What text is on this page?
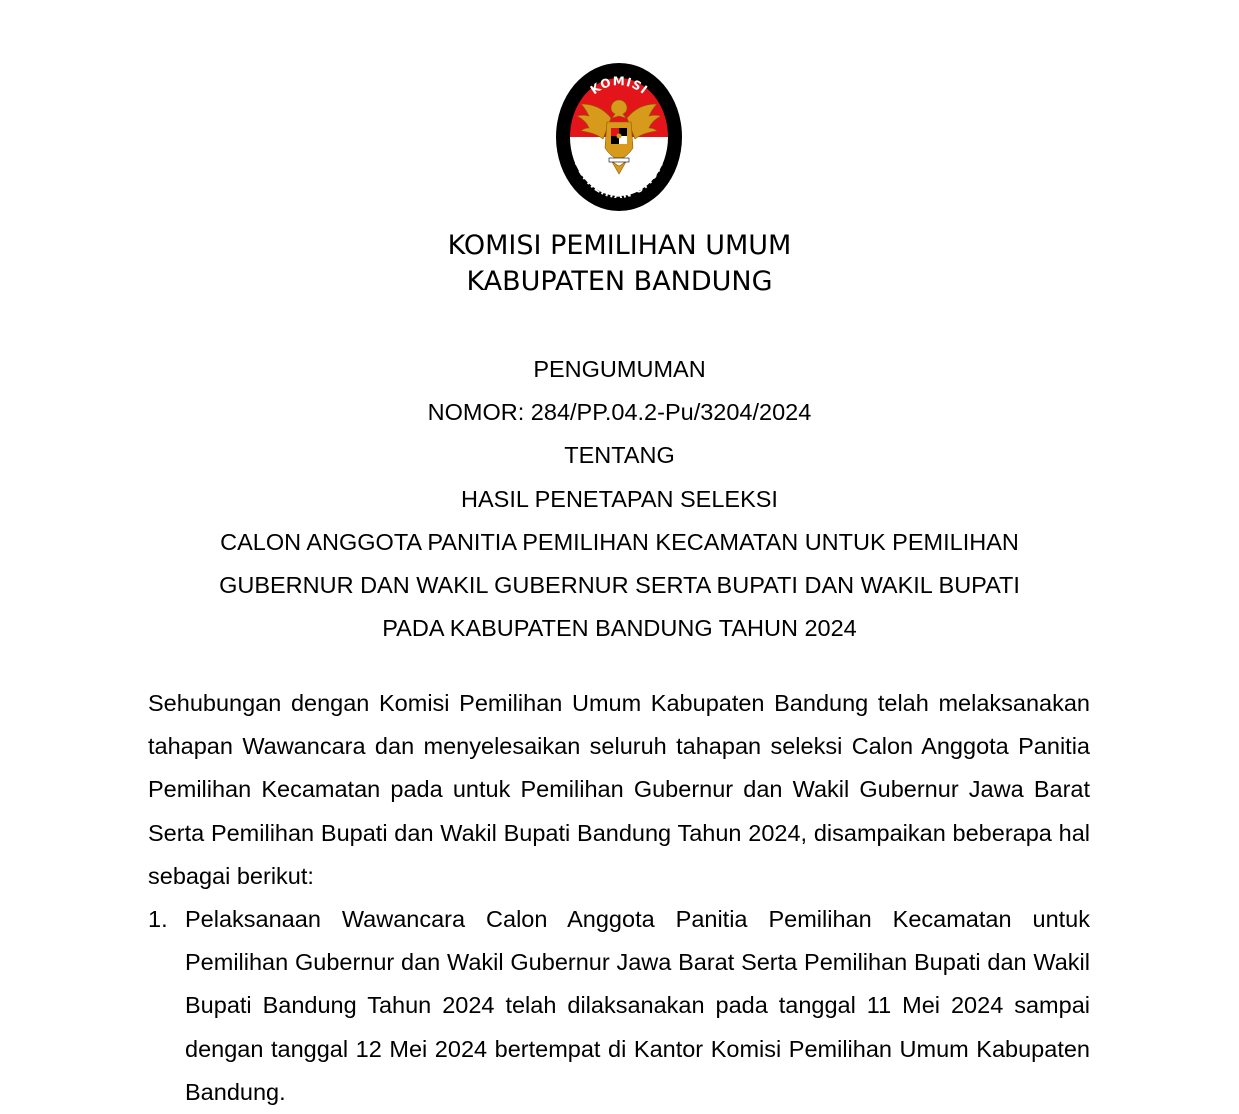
KOMISI
PEMILIHAN UMUM
KOMISI PEMILIHAN UMUM
KABUPATEN BANDUNG
PENGUMUMAN
NOMOR: 284/PP.04.2-Pu/3204/2024
TENTANG
HASIL PENETAPAN SELEKSI
CALON ANGGOTA PANITIA PEMILIHAN KECAMATAN UNTUK PEMILIHAN
GUBERNUR DAN WAKIL GUBERNUR SERTA BUPATI DAN WAKIL BUPATI
PADA KABUPATEN BANDUNG TAHUN 2024

Sehubungan dengan Komisi Pemilihan Umum Kabupaten Bandung telah melaksanakan tahapan Wawancara dan menyelesaikan seluruh tahapan seleksi Calon Anggota Panitia Pemilihan Kecamatan pada untuk Pemilihan Gubernur dan Wakil Gubernur Jawa Barat Serta Pemilihan Bupati dan Wakil Bupati Bandung Tahun 2024, disampaikan beberapa hal sebagai berikut:

1. Pelaksanaan Wawancara Calon Anggota Panitia Pemilihan Kecamatan untuk Pemilihan Gubernur dan Wakil Gubernur Jawa Barat Serta Pemilihan Bupati dan Wakil Bupati Bandung Tahun 2024 telah dilaksanakan pada tanggal 11 Mei 2024 sampai dengan tanggal 12 Mei 2024 bertempat di Kantor Komisi Pemilihan Umum Kabupaten Bandung.
